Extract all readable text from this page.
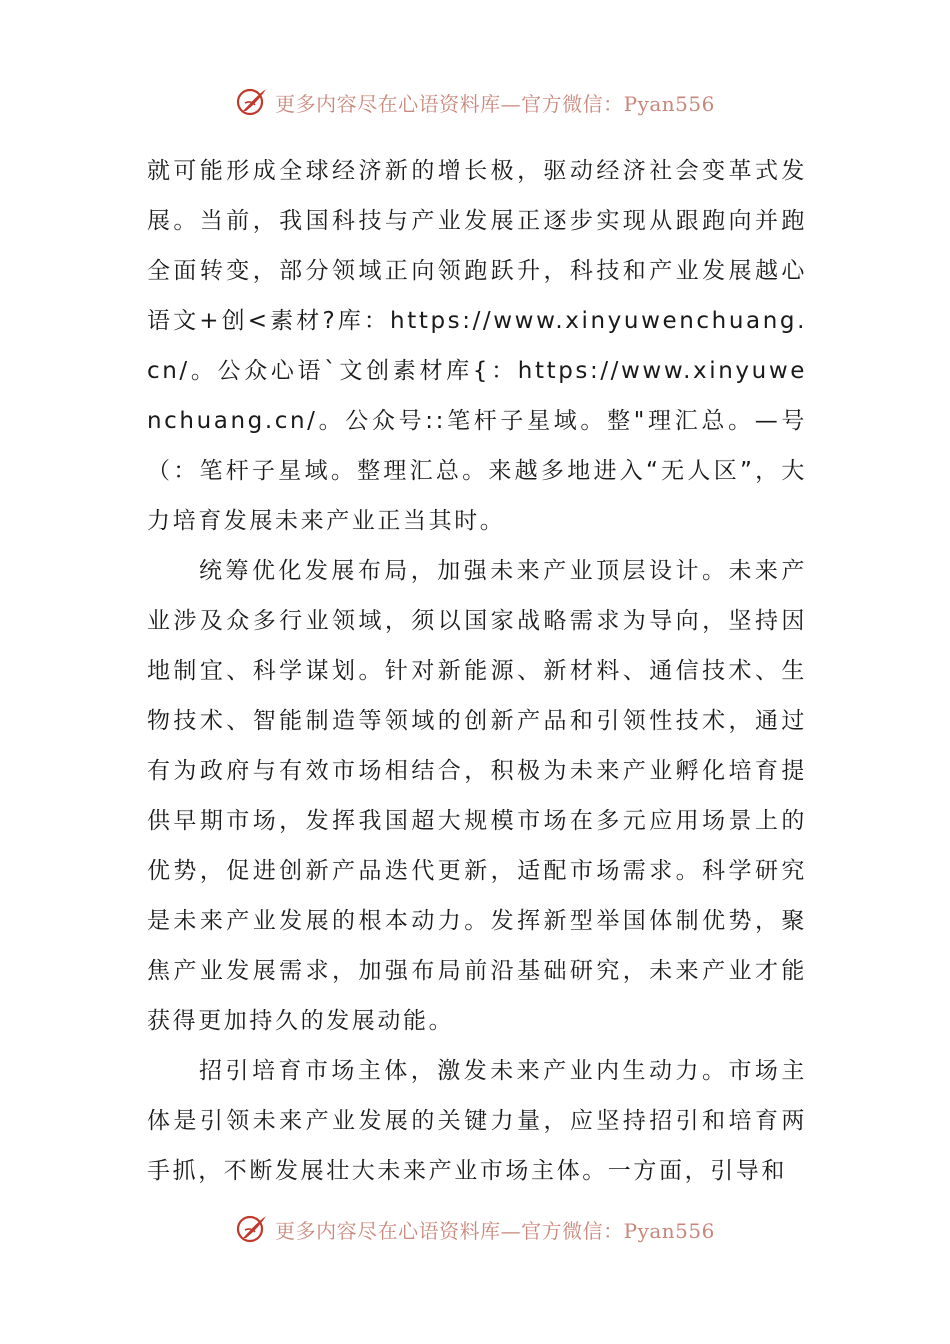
更多内容尽在心语资料库—官方微信：Pyan556

就可能形成全球经济新的增长极，驱动经济社会变革式发展。当前，我国科技与产业发展正逐步实现从跟跑向并跑全面转变，部分领域正向领跑跃升，科技和产业发展越心语文+创<素材?库：https://www.xinyuwenchuang.cn/。公众心语`文创素材库{：https://www.xinyuwenchuang.cn/。公众号::笔杆子星域。整"理汇总。—号（：笔杆子星域。整理汇总。来越多地进入“无人区”，大力培育发展未来产业正当其时。

统筹优化发展布局，加强未来产业顶层设计。未来产业涉及众多行业领域，须以国家战略需求为导向，坚持因地制宜、科学谋划。针对新能源、新材料、通信技术、生物技术、智能制造等领域的创新产品和引领性技术，通过有为政府与有效市场相结合，积极为未来产业孵化培育提供早期市场，发挥我国超大规模市场在多元应用场景上的优势，促进创新产品迭代更新，适配市场需求。科学研究是未来产业发展的根本动力。发挥新型举国体制优势，聚焦产业发展需求，加强布局前沿基础研究，未来产业才能获得更加持久的发展动能。

招引培育市场主体，激发未来产业内生动力。市场主体是引领未来产业发展的关键力量，应坚持招引和培育两手抓，不断发展壮大未来产业市场主体。一方面，引导和

更多内容尽在心语资料库—官方微信：Pyan556
